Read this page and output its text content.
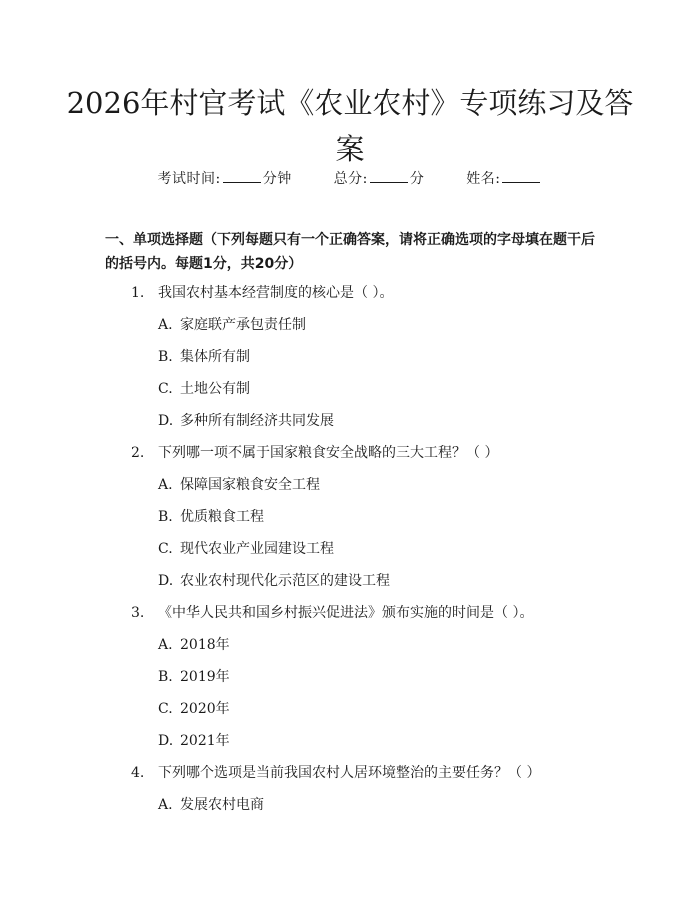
2026年村官考试《农业农村》专项练习及答
案
考试时间:	分钟	总分:	分	姓名:
一、单项选择题（下列每题只有一个正确答案，请将正确选项的字母填在题干后的括号内。每题1分，共20分）
1. 我国农村基本经营制度的核心是（ ）。
A. 家庭联产承包责任制
B. 集体所有制
C. 土地公有制
D. 多种所有制经济共同发展
2. 下列哪一项不属于国家粮食安全战略的三大工程？（ ）
A. 保障国家粮食安全工程
B. 优质粮食工程
C. 现代农业产业园建设工程
D. 农业农村现代化示范区的建设工程
3. 《中华人民共和国乡村振兴促进法》颁布实施的时间是（ ）。
A. 2018年
B. 2019年
C. 2020年
D. 2021年
4. 下列哪个选项是当前我国农村人居环境整治的主要任务？（ ）
A. 发展农村电商
